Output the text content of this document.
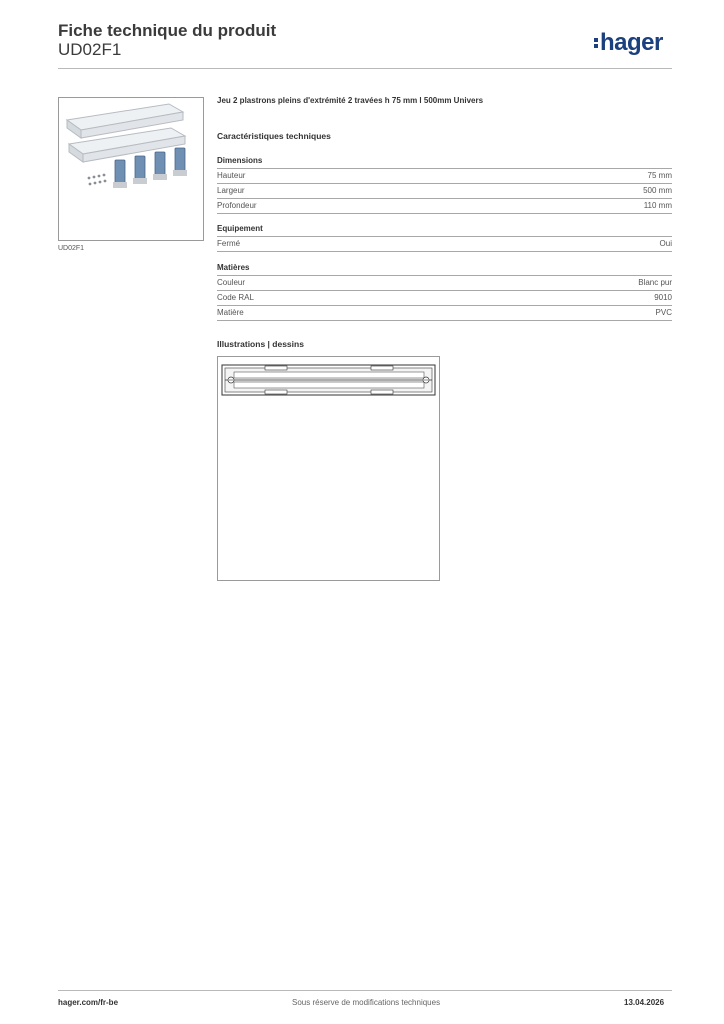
Fiche technique du produit
UD02F1	hager
UD02F1
Jeu 2 plastrons pleins d'extrémité 2 travées h 75 mm l 500mm Univers
Caractéristiques techniques
Dimensions
Hauteur	75 mm
Largeur	500 mm
Profondeur	110 mm
Equipement
Fermé	Oui
Matières
Couleur	Blanc pur
Code RAL	9010
Matière	PVC
Illustrations | dessins
hager.com/fr-be	Sous réserve de modifications techniques	13.04.2026
